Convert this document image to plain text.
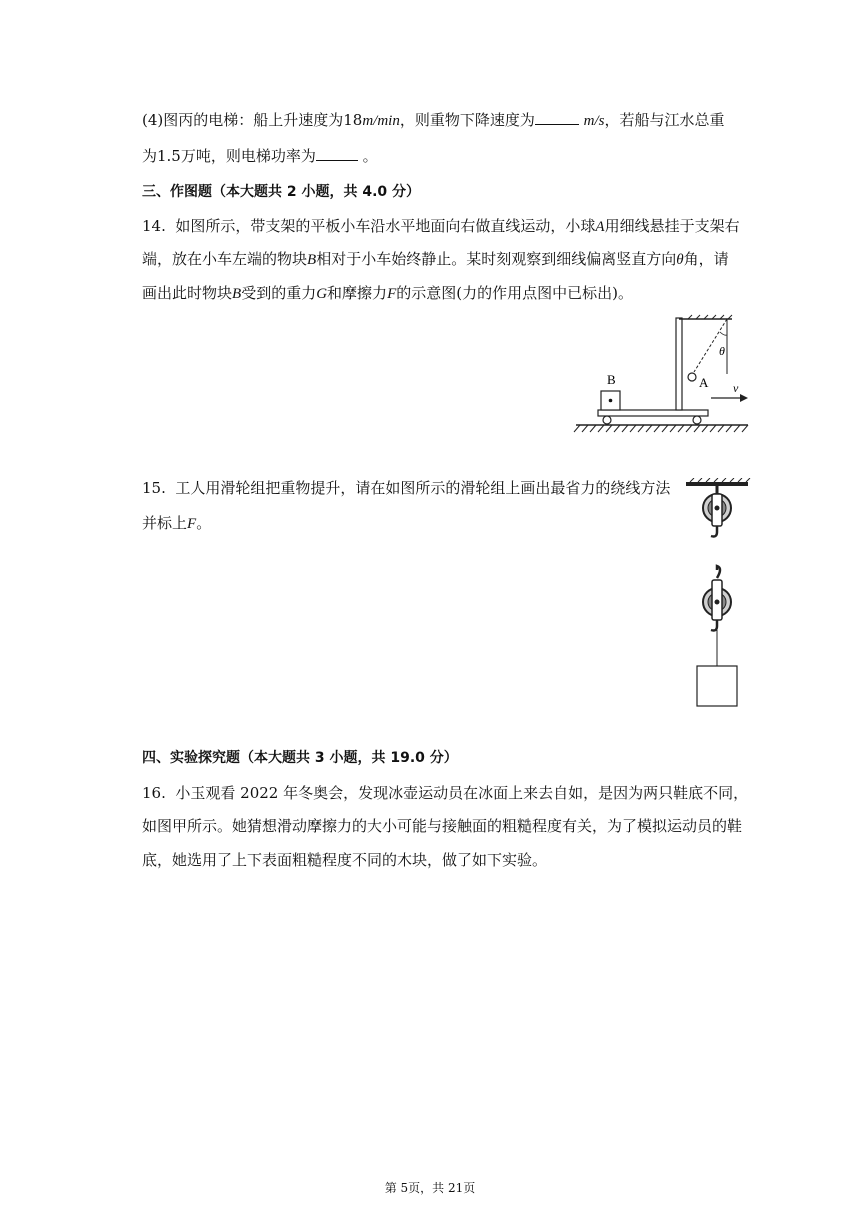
(4)图丙的电梯：船上升速度为18m/min，则重物下降速度为	m/s，若船与江水总重
为1.5万吨，则电梯功率为	。
三、作图题（本大题共 2 小题，共 4.0 分）
14. 如图所示，带支架的平板小车沿水平地面向右做直线运动，小球A用细线悬挂于支架右
端，放在小车左端的物块B相对于小车始终静止。某时刻观察到细线偏离竖直方向θ角，请
画出此时物块B受到的重力G和摩擦力F的示意图(力的作用点图中已标出)。
θ
A
B
v
15. 工人用滑轮组把重物提升，请在如图所示的滑轮组上画出最省力的绕线方法
并标上F。
四、实验探究题（本大题共 3 小题，共 19.0 分）
16. 小玉观看 2022 年冬奥会，发现冰壶运动员在冰面上来去自如，是因为两只鞋底不同，
如图甲所示。她猜想滑动摩擦力的大小可能与接触面的粗糙程度有关，为了模拟运动员的鞋
底，她选用了上下表面粗糙程度不同的木块，做了如下实验。
第 5页，共 21页
